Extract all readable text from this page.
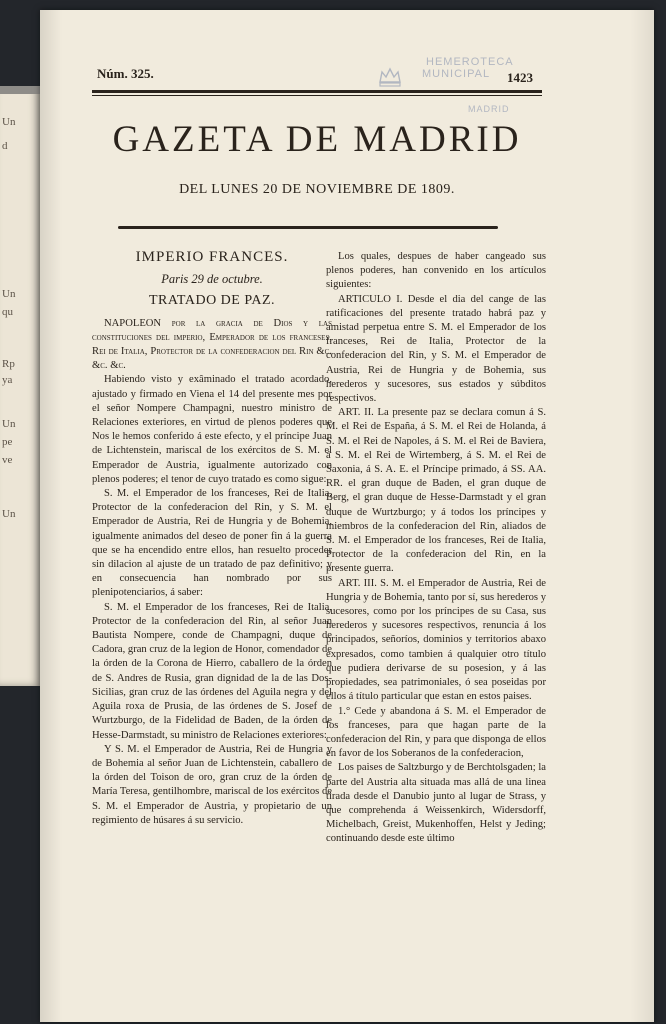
Un
d
Un
qu
Rp
ya
Un
pe
ve
Un
Núm. 325.	1423
HEMEROTECA
MUNICIPAL
MADRID
GAZETA DE MADRID
DEL LUNES 20 DE NOVIEMBRE DE 1809.
IMPERIO FRANCES.
Paris 29 de octubre.
TRATADO DE PAZ.

NAPOLEON por la gracia de Dios y las constituciones del imperio, Emperador de los franceses, Rei de Italia, Protector de la confederacion del Rin &c. &c. &c.

Habiendo visto y exâminado el tratado acordado, ajustado y firmado en Viena el 14 del presente mes por el señor Nompere Champagni, nuestro ministro de Relaciones exteriores, en virtud de plenos poderes que Nos le hemos conferido á este efecto, y el príncipe Juan de Lichtenstein, mariscal de los exércitos de S. M. el Emperador de Austria, igualmente autorizado con plenos poderes; el tenor de cuyo tratado es como sigue:

S. M. el Emperador de los franceses, Rei de Italia, Protector de la confederacion del Rin, y S. M. el Emperador de Austria, Rei de Hungria y de Bohemia, igualmente animados del deseo de poner fin á la guerra que se ha encendido entre ellos, han resuelto proceder sin dilacion al ajuste de un tratado de paz definitivo; y en consecuencia han nombrado por sus plenipotenciarios, á saber:

S. M. el Emperador de los franceses, Rei de Italia, Protector de la confederacion del Rin, al señor Juan Bautista Nompere, conde de Champagni, duque de Cadora, gran cruz de la legion de Honor, comendador de la órden de la Corona de Hierro, caballero de la órden de S. Andres de Rusia, gran dignidad de la de las Dos-Sicilias, gran cruz de las órdenes del Aguila negra y del Aguila roxa de Prusia, de las órdenes de S. Josef de Wurtzburgo, de la Fidelidad de Baden, de la órden de Hesse-Darmstadt, su ministro de Relaciones exteriores:

Y S. M. el Emperador de Austria, Rei de Hungria y de Bohemia al señor Juan de Lichtenstein, caballero de la órden del Toison de oro, gran cruz de la órden de María Teresa, gentilhombre, mariscal de los exércitos de S. M. el Emperador de Austria, y propietario de un regimiento de húsares á su servicio.

Los quales, despues de haber cangeado sus plenos poderes, han convenido en los artículos siguientes:

ARTICULO I. Desde el dia del cange de las ratificaciones del presente tratado habrá paz y amistad perpetua entre S. M. el Emperador de los franceses, Rei de Italia, Protector de la confederacion del Rin, y S. M. el Emperador de Austria, Rei de Hungria y de Bohemia, sus herederos y sucesores, sus estados y súbditos respectivos.

ART. II. La presente paz se declara comun á S. M. el Rei de España, á S. M. el Rei de Holanda, á S. M. el Rei de Napoles, á S. M. el Rei de Baviera, á S. M. el Rei de Wirtemberg, á S. M. el Rei de Saxonia, á S. A. E. el Príncipe primado, á SS. AA. RR. el gran duque de Baden, el gran duque de Berg, el gran duque de Hesse-Darmstadt y el gran duque de Wurtzburgo; y á todos los príncipes y miembros de la confederacion del Rin, aliados de S. M. el Emperador de los franceses, Rei de Italia, Protector de la confederacion del Rin, en la presente guerra.

ART. III. S. M. el Emperador de Austria, Rei de Hungria y de Bohemia, tanto por sí, sus herederos y sucesores, como por los príncipes de su Casa, sus herederos y sucesores respectivos, renuncia á los principados, señoríos, dominios y territorios abaxo expresados, como tambien á qualquier otro título que pudiera derivarse de su posesion, y á las propiedades, sea patrimoniales, ó sea poseidas por ellos á título particular que estan en estos paises.

1.° Cede y abandona á S. M. el Emperador de los franceses, para que hagan parte de la confederacion del Rin, y para que disponga de ellos en favor de los Soberanos de la confederacion,

Los paises de Saltzburgo y de Berchtolsgaden; la parte del Austria alta situada mas allá de una linea tirada desde el Danubio junto al lugar de Strass, y que comprehenda á Weissenkirch, Widersdorff, Michelbach, Greist, Mukenhoffen, Helst y Jeding; continuando desde este último
